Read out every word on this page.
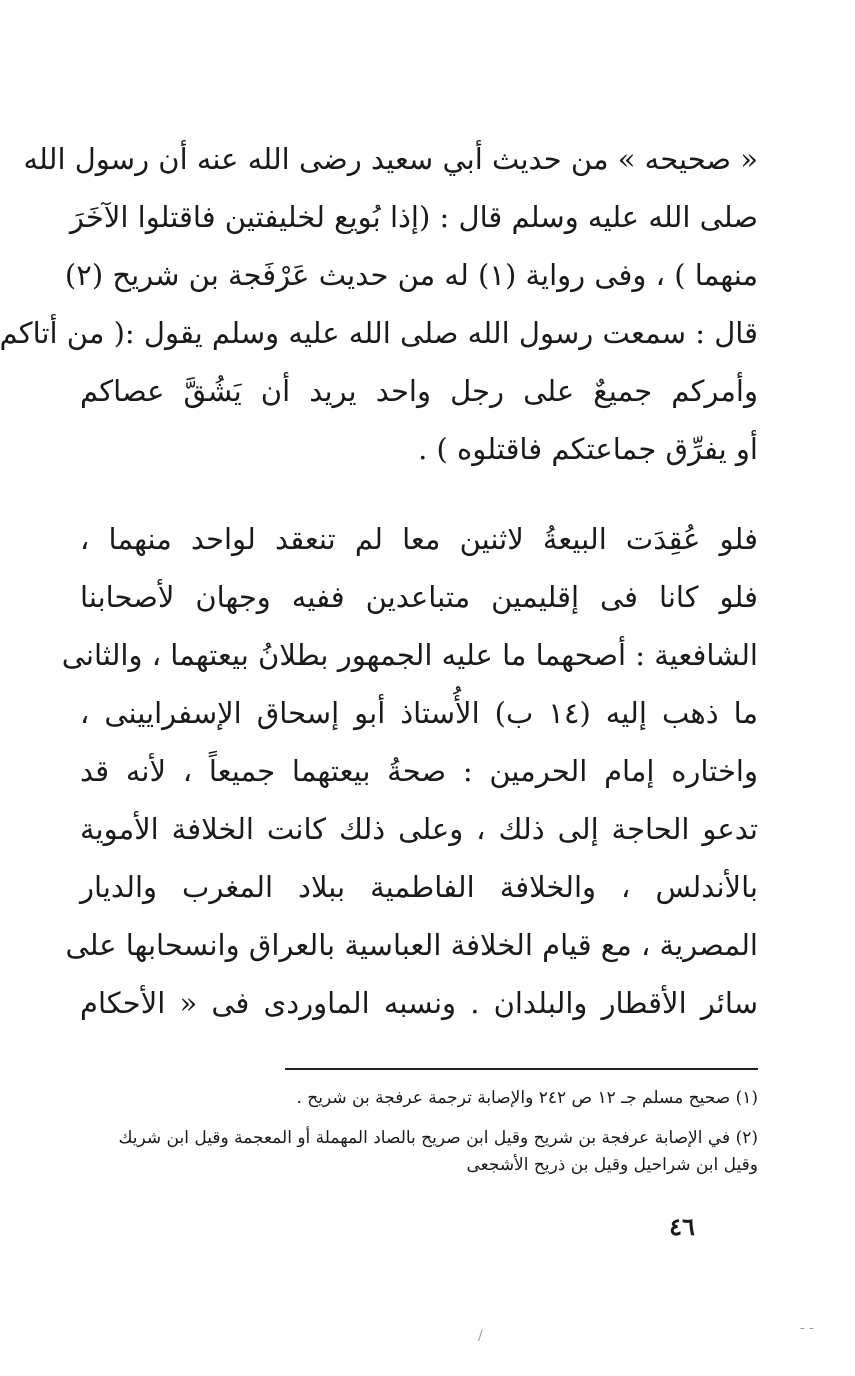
« صحيحه » من حديث أبي سعيد رضى الله عنه أن رسول الله
صلى الله عليه وسلم قال : (إذا بُويع لخليفتين فاقتلوا الآخَرَ
منهما ) ، وفى رواية (١) له من حديث عَرْفَجة بن شريح (٢)
قال : سمعت رسول الله صلى الله عليه وسلم يقول :( من أتاكم
وأمركم جميعٌ على رجل واحد يريد أن يَشُقَّ عصاكم
أو يفرِّق جماعتكم فاقتلوه ) .
فلو عُقِدَت البيعةُ لاثنين معا لم تنعقد لواحد منهما ،
فلو كانا فى إقليمين متباعدين ففيه وجهان لأصحابنا
الشافعية : أصحهما ما عليه الجمهور بطلانُ بيعتهما ، والثانى
ما ذهب إليه (١٤ ب) الأُستاذ أبو إسحاق الإسفرايينى ،
واختاره إمام الحرمين : صحةُ بيعتهما جميعاً ، لأنه قد
تدعو الحاجة إلى ذلك ، وعلى ذلك كانت الخلافة الأموية
بالأندلس ، والخلافة الفاطمية ببلاد المغرب والديار
المصرية ، مع قيام الخلافة العباسية بالعراق وانسحابها على
سائر الأقطار والبلدان . ونسبه الماوردى فى « الأحكام
(١) صحيح مسلم جـ ١٢ ص ٢٤٢ والإصابة ترجمة عرفجة بن شريح .
(٢) في الإصابة عرفجة بن شريح وقيل ابن صريح بالصاد المهملة أو المعجمة وقيل ابن شريك
وقيل ابن شراحيل وقيل بن ذريح الأشجعى
٤٦
/	- -
